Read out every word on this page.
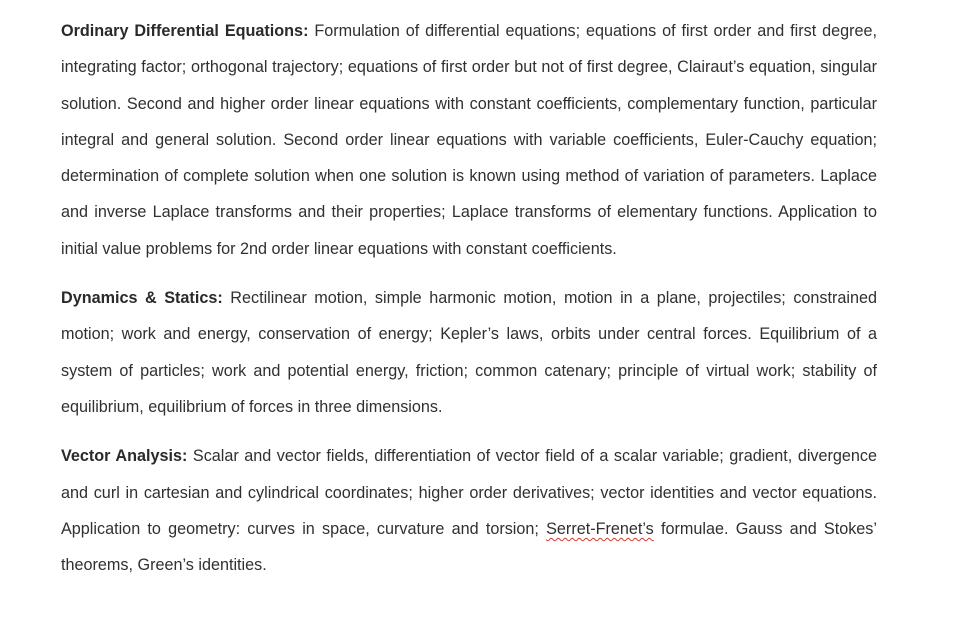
Ordinary Differential Equations: Formulation of differential equations; equations of first order and first degree, integrating factor; orthogonal trajectory; equations of first order but not of first degree, Clairaut’s equation, singular solution. Second and higher order linear equations with constant coefficients, complementary function, particular integral and general solution. Second order linear equations with variable coefficients, Euler-Cauchy equation; determination of complete solution when one solution is known using method of variation of parameters. Laplace and inverse Laplace transforms and their properties; Laplace transforms of elementary functions. Application to initial value problems for 2nd order linear equations with constant coefficients.

Dynamics & Statics: Rectilinear motion, simple harmonic motion, motion in a plane, projectiles; constrained motion; work and energy, conservation of energy; Kepler’s laws, orbits under central forces. Equilibrium of a system of particles; work and potential energy, friction; common catenary; principle of virtual work; stability of equilibrium, equilibrium of forces in three dimensions.

Vector Analysis: Scalar and vector fields, differentiation of vector field of a scalar variable; gradient, divergence and curl in cartesian and cylindrical coordinates; higher order derivatives; vector identities and vector equations. Application to geometry: curves in space, curvature and torsion; Serret-Frenet’s formulae. Gauss and Stokes’ theorems, Green’s identities.
